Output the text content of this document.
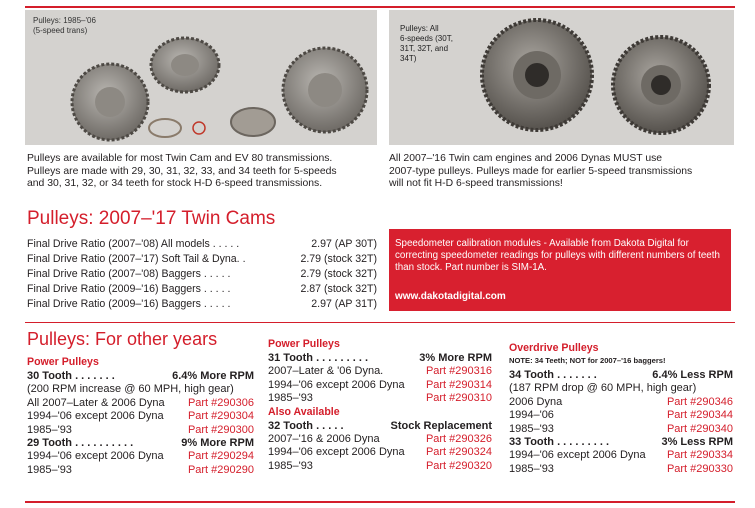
Pulleys: 1985–'06
(5-speed trans)	Pulleys: All
6-speeds (30T,
31T, 32T, and
34T)
Pulleys are available for most Twin Cam and EV 80 transmissions.
Pulleys are made with 29, 30, 31, 32, 33, and 34 teeth for 5-speeds
and 30, 31, 32, or 34 teeth for stock H-D 6-speed transmissions.
All 2007–'16 Twin cam engines and 2006 Dynas MUST use
2007-type pulleys. Pulleys made for earlier 5-speed transmissions
will not fit H-D 6-speed transmissions!
Pulleys: 2007–'17 Twin Cams
Final Drive Ratio (2007–'08) All models . . . . .	2.97 (AP 30T)
Final Drive Ratio (2007–'17) Soft Tail & Dyna. .	2.79 (stock 32T)
Final Drive Ratio (2007–'08) Baggers . . . . .	2.79 (stock 32T)
Final Drive Ratio (2009–'16) Baggers . . . . .	2.87 (stock 32T)
Final Drive Ratio (2009–'16) Baggers . . . . .	2.97 (AP 31T)
Speedometer calibration modules - Available from Dakota Digital for correcting speedometer readings for pulleys with different numbers of teeth than stock. Part number is SIM-1A.
www.dakotadigital.com
Pulleys: For other years
Power Pulleys
30 Tooth . . . . . . .	6.4% More RPM
(200 RPM increase @ 60 MPH, high gear)
All 2007–Later & 2006 Dyna Part #290306
1994–'06 except 2006 Dyna Part #290304
1985–'93	Part #290300
29 Tooth . . . . . . . . . .	9% More RPM
1994–'06 except 2006 Dyna Part #290294
1985–'93	Part #290290
Power Pulleys
31 Tooth . . . . . . . . .	3% More RPM
2007–Later & '06 Dyna.	Part #290316
1994–'06 except 2006 Dyna Part #290314
1985–'93	Part #290310
Also Available
32 Tooth . . . . .	Stock Replacement
2007–'16 & 2006 Dyna	Part #290326
1994–'06 except 2006 Dyna Part #290324
1985–'93	Part #290320
Overdrive Pulleys
NOTE: 34 Teeth; NOT for 2007–'16 baggers!
34 Tooth . . . . . . .	6.4% Less RPM
(187 RPM drop @ 60 MPH, high gear)
2006 Dyna	Part #290346
1994–'06	Part #290344
1985–'93	Part #290340
33 Tooth . . . . . . . . .	3% Less RPM
1994–'06 except 2006 Dyna Part #290334
1985–'93	Part #290330
